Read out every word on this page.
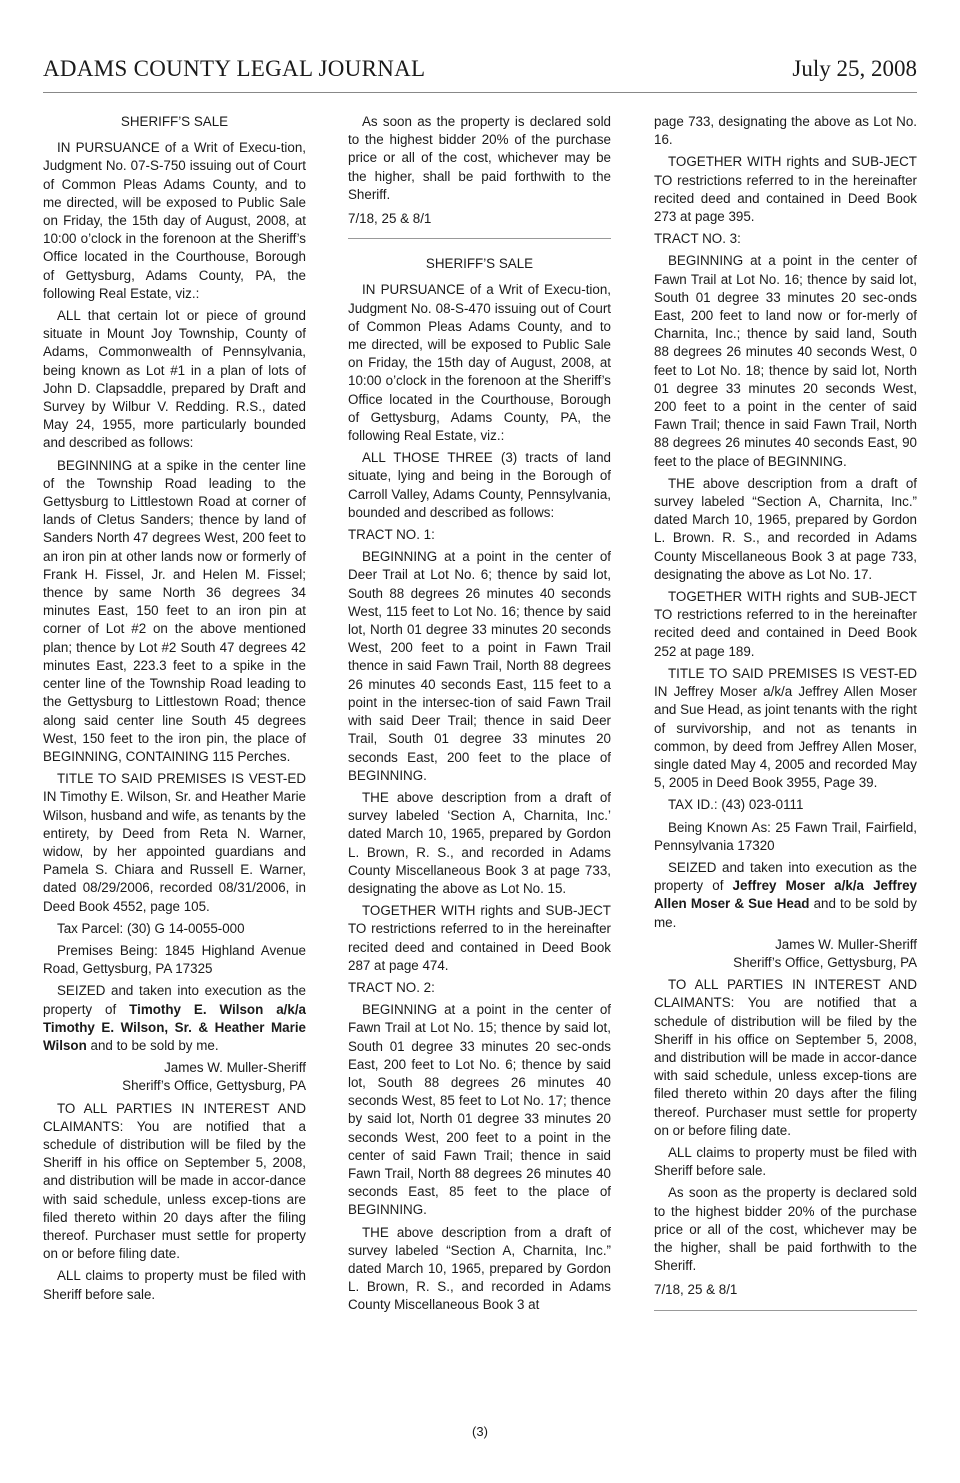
ADAMS COUNTY LEGAL JOURNAL	July 25, 2008

SHERIFF’S SALE

IN PURSUANCE of a Writ of Execu-tion, Judgment No. 07-S-750 issuing out of Court of Common Pleas Adams County, and to me directed, will be exposed to Public Sale on Friday, the 15th day of August, 2008, at 10:00 o’clock in the forenoon at the Sheriff’s Office located in the Courthouse, Borough of Gettysburg, Adams County, PA, the following Real Estate, viz.:

ALL that certain lot or piece of ground situate in Mount Joy Township, County of Adams, Commonwealth of Pennsylvania, being known as Lot #1 in a plan of lots of John D. Clapsaddle, prepared by Draft and Survey by Wilbur V. Redding. R.S., dated May 24, 1955, more particularly bounded and described as follows:

BEGINNING at a spike in the center line of the Township Road leading to the Gettysburg to Littlestown Road at corner of lands of Cletus Sanders; thence by land of Sanders North 47 degrees West, 200 feet to an iron pin at other lands now or formerly of Frank H. Fissel, Jr. and Helen M. Fissel; thence by same North 36 degrees 34 minutes East, 150 feet to an iron pin at corner of Lot #2 on the above mentioned plan; thence by Lot #2 South 47 degrees 42 minutes East, 223.3 feet to a spike in the center line of the Township Road leading to the Gettysburg to Littlestown Road; thence along said center line South 45 degrees West, 150 feet to the iron pin, the place of BEGINNING, CONTAINING 115 Perches.

TITLE TO SAID PREMISES IS VEST-ED IN Timothy E. Wilson, Sr. and Heather Marie Wilson, husband and wife, as tenants by the entirety, by Deed from Reta N. Warner, widow, by her appointed guardians and Pamela S. Chiara and Russell E. Warner, dated 08/29/2006, recorded 08/31/2006, in Deed Book 4552, page 105.

Tax Parcel: (30) G 14-0055-000

Premises Being: 1845 Highland Avenue Road, Gettysburg, PA 17325

SEIZED and taken into execution as the property of Timothy E. Wilson a/k/a Timothy E. Wilson, Sr. & Heather Marie Wilson and to be sold by me.

James W. Muller-Sheriff

Sheriff’s Office, Gettysburg, PA

TO ALL PARTIES IN INTEREST AND CLAIMANTS: You are notified that a schedule of distribution will be filed by the Sheriff in his office on September 5, 2008, and distribution will be made in accor-dance with said schedule, unless excep-tions are filed thereto within 20 days after the filing thereof. Purchaser must settle for property on or before filing date.

ALL claims to property must be filed with Sheriff before sale.

As soon as the property is declared sold to the highest bidder 20% of the purchase price or all of the cost, whichever may be the higher, shall be paid forthwith to the Sheriff.

7/18, 25 & 8/1

SHERIFF’S SALE

IN PURSUANCE of a Writ of Execu-tion, Judgment No. 08-S-470 issuing out of Court of Common Pleas Adams County, and to me directed, will be exposed to Public Sale on Friday, the 15th day of August, 2008, at 10:00 o’clock in the forenoon at the Sheriff’s Office located in the Courthouse, Borough of Gettysburg, Adams County, PA, the following Real Estate, viz.:

ALL THOSE THREE (3) tracts of land situate, lying and being in the Borough of Carroll Valley, Adams County, Pennsylvania, bounded and described as follows:

TRACT NO. 1:

BEGINNING at a point in the center of Deer Trail at Lot No. 6; thence by said lot, South 88 degrees 26 minutes 40 seconds West, 115 feet to Lot No. 16; thence by said lot, North 01 degree 33 minutes 20 seconds West, 200 feet to a point in Fawn Trail thence in said Fawn Trail, North 88 degrees 26 minutes 40 seconds East, 115 feet to a point in the intersec-tion of said Fawn Trail with said Deer Trail; thence in said Deer Trail, South 01 degree 33 minutes 20 seconds East, 200 feet to the place of BEGINNING.

THE above description from a draft of survey labeled ‘Section A, Charnita, Inc.’ dated March 10, 1965, prepared by Gordon L. Brown, R. S., and recorded in Adams County Miscellaneous Book 3 at page 733, designating the above as Lot No. 15.

TOGETHER WITH rights and SUB-JECT TO restrictions referred to in the hereinafter recited deed and contained in Deed Book 287 at page 474.

TRACT NO. 2:

BEGINNING at a point in the center of Fawn Trail at Lot No. 15; thence by said lot, South 01 degree 33 minutes 20 sec-onds East, 200 feet to Lot No. 6; thence by said lot, South 88 degrees 26 minutes 40 seconds West, 85 feet to Lot No. 17; thence by said lot, North 01 degree 33 minutes 20 seconds West, 200 feet to a point in the center of said Fawn Trail; thence in said Fawn Trail, North 88 degrees 26 minutes 40 seconds East, 85 feet to the place of BEGINNING.

THE above description from a draft of survey labeled “Section A, Charnita, Inc.” dated March 10, 1965, prepared by Gordon L. Brown, R. S., and recorded in Adams County Miscellaneous Book 3 at

page 733, designating the above as Lot No. 16.

TOGETHER WITH rights and SUB-JECT TO restrictions referred to in the hereinafter recited deed and contained in Deed Book 273 at page 395.

TRACT NO. 3:

BEGINNING at a point in the center of Fawn Trail at Lot No. 16; thence by said lot, South 01 degree 33 minutes 20 sec-onds East, 200 feet to land now or for-merly of Charnita, Inc.; thence by said land, South 88 degrees 26 minutes 40 seconds West, 0 feet to Lot No. 18; thence by said lot, North 01 degree 33 minutes 20 seconds West, 200 feet to a point in the center of said Fawn Trail; thence in said Fawn Trail, North 88 degrees 26 minutes 40 seconds East, 90 feet to the place of BEGINNING.

THE above description from a draft of survey labeled “Section A, Charnita, Inc.” dated March 10, 1965, prepared by Gordon L. Brown. R. S., and recorded in Adams County Miscellaneous Book 3 at page 733, designating the above as Lot No. 17.

TOGETHER WITH rights and SUB-JECT TO restrictions referred to in the hereinafter recited deed and contained in Deed Book 252 at page 189.

TITLE TO SAID PREMISES IS VEST-ED IN Jeffrey Moser a/k/a Jeffrey Allen Moser and Sue Head, as joint tenants with the right of survivorship, and not as tenants in common, by deed from Jeffrey Allen Moser, single dated May 4, 2005 and recorded May 5, 2005 in Deed Book 3955, Page 39.

TAX ID.: (43) 023-0111

Being Known As: 25 Fawn Trail, Fairfield, Pennsylvania 17320

SEIZED and taken into execution as the property of Jeffrey Moser a/k/a Jeffrey Allen Moser & Sue Head and to be sold by me.

James W. Muller-Sheriff

Sheriff’s Office, Gettysburg, PA

TO ALL PARTIES IN INTEREST AND CLAIMANTS: You are notified that a schedule of distribution will be filed by the Sheriff in his office on September 5, 2008, and distribution will be made in accor-dance with said schedule, unless excep-tions are filed thereto within 20 days after the filing thereof. Purchaser must settle for property on or before filing date.

ALL claims to property must be filed with Sheriff before sale.

As soon as the property is declared sold to the highest bidder 20% of the purchase price or all of the cost, whichever may be the higher, shall be paid forthwith to the Sheriff.

7/18, 25 & 8/1

(3)
